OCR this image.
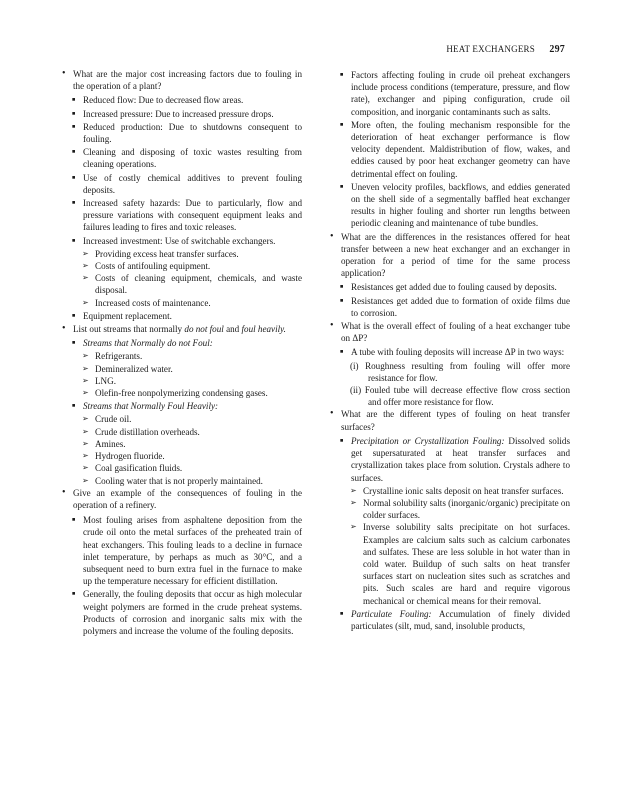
HEAT EXCHANGERS 297
• What are the major cost increasing factors due to fouling in the operation of a plant?
■ Reduced flow: Due to decreased flow areas.
■ Increased pressure: Due to increased pressure drops.
■ Reduced production: Due to shutdowns consequent to fouling.
■ Cleaning and disposing of toxic wastes resulting from cleaning operations.
■ Use of costly chemical additives to prevent fouling deposits.
■ Increased safety hazards: Due to particularly, flow and pressure variations with consequent equipment leaks and failures leading to fires and toxic releases.
■ Increased investment: Use of switchable exchangers.
➢ Providing excess heat transfer surfaces.
➢ Costs of antifouling equipment.
➢ Costs of cleaning equipment, chemicals, and waste disposal.
➢ Increased costs of maintenance.
■ Equipment replacement.
• List out streams that normally do not foul and foul heavily.
■ Streams that Normally do not Foul:
➢ Refrigerants.
➢ Demineralized water.
➢ LNG.
➢ Olefin-free nonpolymerizing condensing gases.
■ Streams that Normally Foul Heavily:
➢ Crude oil.
➢ Crude distillation overheads.
➢ Amines.
➢ Hydrogen fluoride.
➢ Coal gasification fluids.
➢ Cooling water that is not properly maintained.
• Give an example of the consequences of fouling in the operation of a refinery.
■ Most fouling arises from asphaltene deposition from the crude oil onto the metal surfaces of the preheated train of heat exchangers. This fouling leads to a decline in furnace inlet temperature, by perhaps as much as 30°C, and a subsequent need to burn extra fuel in the furnace to make up the temperature necessary for efficient distillation.
■ Generally, the fouling deposits that occur as high molecular weight polymers are formed in the crude preheat systems. Products of corrosion and inorganic salts mix with the polymers and increase the volume of the fouling deposits.
■ Factors affecting fouling in crude oil preheat exchangers include process conditions (temperature, pressure, and flow rate), exchanger and piping configuration, crude oil composition, and inorganic contaminants such as salts.
■ More often, the fouling mechanism responsible for the deterioration of heat exchanger performance is flow velocity dependent. Maldistribution of flow, wakes, and eddies caused by poor heat exchanger geometry can have detrimental effect on fouling.
■ Uneven velocity profiles, backflows, and eddies generated on the shell side of a segmentally baffled heat exchanger results in higher fouling and shorter run lengths between periodic cleaning and maintenance of tube bundles.
• What are the differences in the resistances offered for heat transfer between a new heat exchanger and an exchanger in operation for a period of time for the same process application?
■ Resistances get added due to fouling caused by deposits.
■ Resistances get added due to formation of oxide films due to corrosion.
• What is the overall effect of fouling of a heat exchanger tube on ΔP?
■ A tube with fouling deposits will increase ΔP in two ways:
(i) Roughness resulting from fouling will offer more resistance for flow.
(ii) Fouled tube will decrease effective flow cross section and offer more resistance for flow.
• What are the different types of fouling on heat transfer surfaces?
■ Precipitation or Crystallization Fouling: Dissolved solids get supersaturated at heat transfer surfaces and crystallization takes place from solution. Crystals adhere to surfaces.
➢ Crystalline ionic salts deposit on heat transfer surfaces.
➢ Normal solubility salts (inorganic/organic) precipitate on colder surfaces.
➢ Inverse solubility salts precipitate on hot surfaces. Examples are calcium salts such as calcium carbonates and sulfates. These are less soluble in hot water than in cold water. Buildup of such salts on heat transfer surfaces start on nucleation sites such as scratches and pits. Such scales are hard and require vigorous mechanical or chemical means for their removal.
■ Particulate Fouling: Accumulation of finely divided particulates (silt, mud, sand, insoluble products,
